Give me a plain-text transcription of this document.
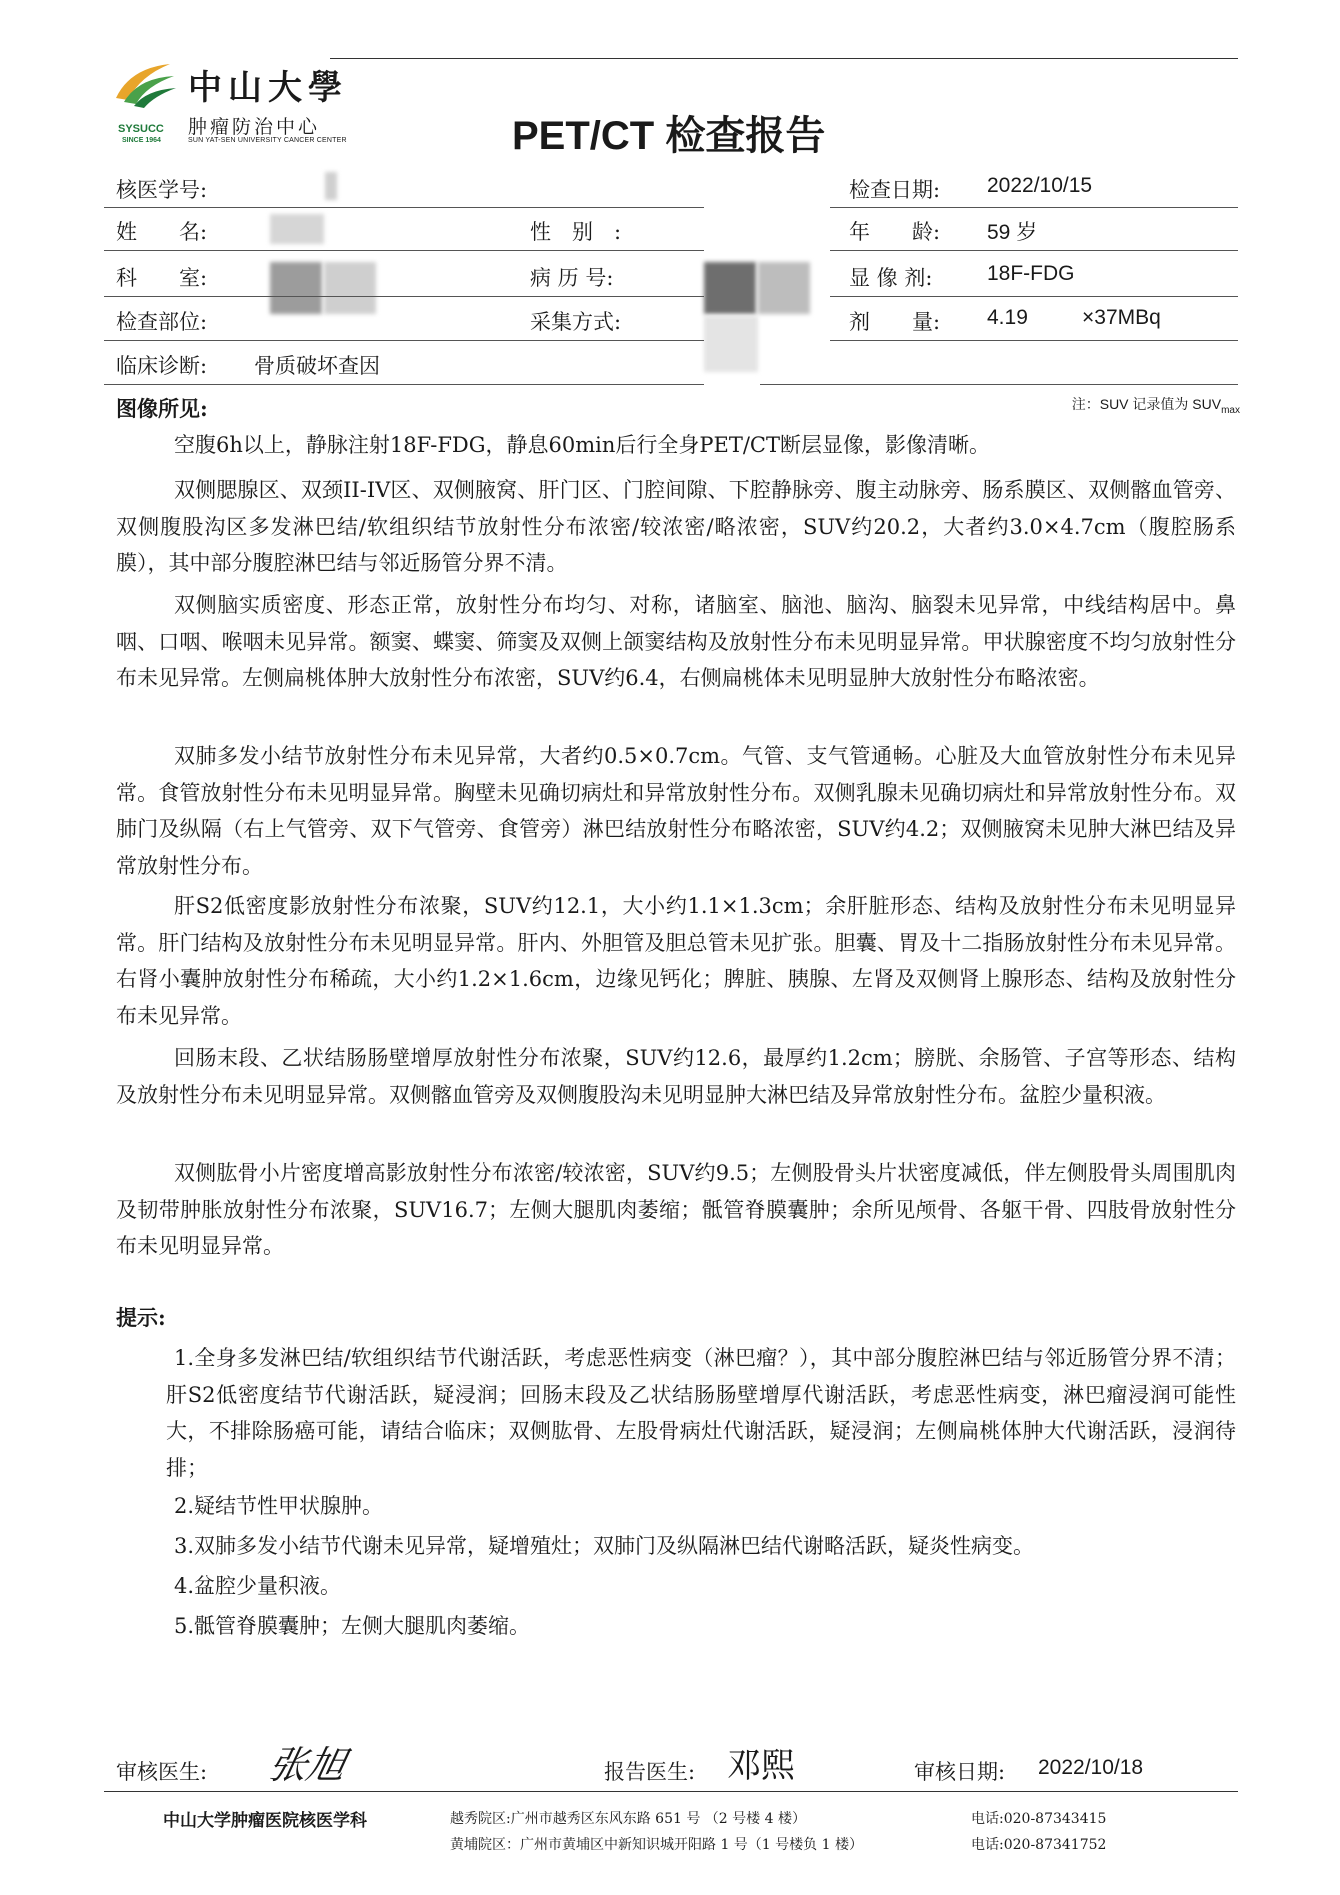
中山大學
肿瘤防治中心
SUN YAT-SEN UNIVERSITY CANCER CENTER
SYSUCC
SINCE 1964	PET/CT 检查报告
核医学号:	检查日期: 2022/10/15
姓　　名:	性　别　:	年　　龄: 59 岁
科　　室:	病 历 号:	显 像 剂:	18F-FDG
检查部位:	采集方式:	剂　　量: 4.19	×37MBq
临床诊断: 骨质破坏查因
图像所见:	注：SUV 记录值为 $SUV_{max}$

空腹6h以上，静脉注射18F-FDG，静息60min后行全身PET/CT断层显像，影像清晰。

双侧腮腺区、双颈II-IV区、双侧腋窝、肝门区、门腔间隙、下腔静脉旁、腹主动脉旁、肠系膜区、双侧髂血管旁、双侧腹股沟区多发淋巴结/软组织结节放射性分布浓密/较浓密/略浓密，SUV约20.2，大者约3.0×4.7cm（腹腔肠系膜），其中部分腹腔淋巴结与邻近肠管分界不清。

双侧脑实质密度、形态正常，放射性分布均匀、对称，诸脑室、脑池、脑沟、脑裂未见异常，中线结构居中。鼻咽、口咽、喉咽未见异常。额窦、蝶窦、筛窦及双侧上颌窦结构及放射性分布未见明显异常。甲状腺密度不均匀放射性分布未见异常。左侧扁桃体肿大放射性分布浓密，SUV约6.4，右侧扁桃体未见明显肿大放射性分布略浓密。

双肺多发小结节放射性分布未见异常，大者约0.5×0.7cm。气管、支气管通畅。心脏及大血管放射性分布未见异常。食管放射性分布未见明显异常。胸壁未见确切病灶和异常放射性分布。双侧乳腺未见确切病灶和异常放射性分布。双肺门及纵隔（右上气管旁、双下气管旁、食管旁）淋巴结放射性分布略浓密，SUV约4.2；双侧腋窝未见肿大淋巴结及异常放射性分布。

肝S2低密度影放射性分布浓聚，SUV约12.1，大小约1.1×1.3cm；余肝脏形态、结构及放射性分布未见明显异常。肝门结构及放射性分布未见明显异常。肝内、外胆管及胆总管未见扩张。胆囊、胃及十二指肠放射性分布未见异常。右肾小囊肿放射性分布稀疏，大小约1.2×1.6cm，边缘见钙化；脾脏、胰腺、左肾及双侧肾上腺形态、结构及放射性分布未见异常。

回肠末段、乙状结肠肠壁增厚放射性分布浓聚，SUV约12.6，最厚约1.2cm；膀胱、余肠管、子宫等形态、结构及放射性分布未见明显异常。双侧髂血管旁及双侧腹股沟未见明显肿大淋巴结及异常放射性分布。盆腔少量积液。

双侧肱骨小片密度增高影放射性分布浓密/较浓密，SUV约9.5；左侧股骨头片状密度减低，伴左侧股骨头周围肌肉及韧带肿胀放射性分布浓聚，SUV16.7；左侧大腿肌肉萎缩；骶管脊膜囊肿；余所见颅骨、各躯干骨、四肢骨放射性分布未见明显异常。

提示:

1.全身多发淋巴结/软组织结节代谢活跃，考虑恶性病变（淋巴瘤？），其中部分腹腔淋巴结与邻近肠管分界不清；肝S2低密度结节代谢活跃，疑浸润；回肠末段及乙状结肠肠壁增厚代谢活跃，考虑恶性病变，淋巴瘤浸润可能性大，不排除肠癌可能，请结合临床；双侧肱骨、左股骨病灶代谢活跃，疑浸润；左侧扁桃体肿大代谢活跃，浸润待排；

2.疑结节性甲状腺肿。

3.双肺多发小结节代谢未见异常，疑增殖灶；双肺门及纵隔淋巴结代谢略活跃，疑炎性病变。

4.盆腔少量积液。

5.骶管脊膜囊肿；左侧大腿肌肉萎缩。

审核医生: 张旭	报告医生: 邓熙	审核日期: 2022/10/18
中山大学肿瘤医院核医学科	越秀院区:广州市越秀区东风东路 651 号 （2 号楼 4 楼）	电话:020-87343415
黄埔院区：广州市黄埔区中新知识城开阳路 1 号（1 号楼负 1 楼）	电话:020-87341752
